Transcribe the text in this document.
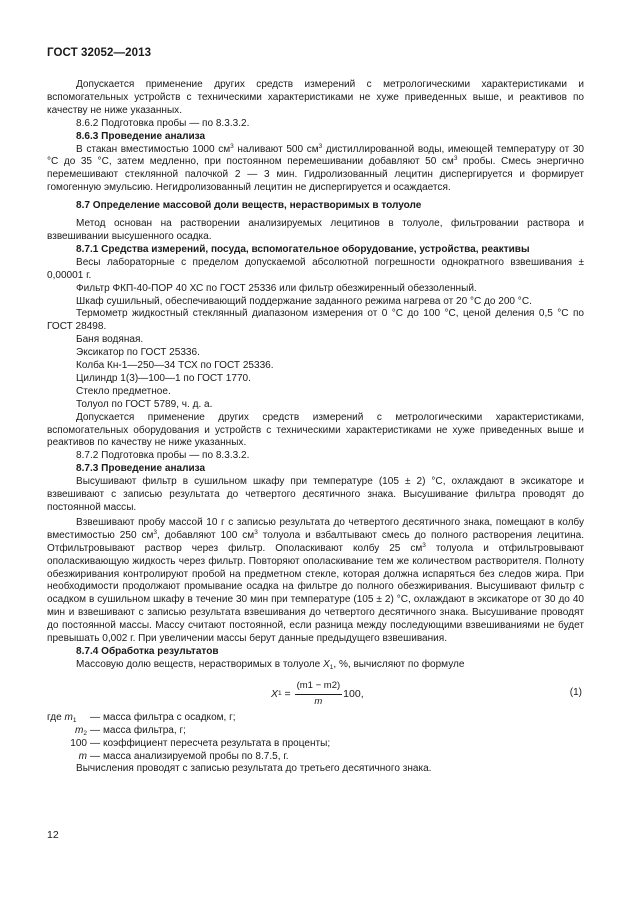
ГОСТ 32052—2013

Допускается применение других средств измерений с метрологическими характеристиками и вспомогательных устройств с техническими характеристиками не хуже приведенных выше, и реактивов по качеству не ниже указанных.

8.6.2 Подготовка пробы — по 8.3.3.2.

8.6.3 Проведение анализа

В стакан вместимостью 1000 $см^3$ наливают 500 $см^3$ дистиллированной воды, имеющей температуру от 30 °С до 35 °С, затем медленно, при постоянном перемешивании добавляют 50 $см^3$ пробы. Смесь энергично перемешивают стеклянной палочкой 2 — 3 мин. Гидролизованный лецитин диспергируется и формирует гомогенную эмульсию. Негидролизованный лецитин не диспергируется и осаждается.

8.7 Определение массовой доли веществ, нерастворимых в толуоле

Метод основан на растворении анализируемых лецитинов в толуоле, фильтровании раствора и взвешивании высушенного осадка.

8.7.1 Средства измерений, посуда, вспомогательное оборудование, устройства, реактивы

Весы лабораторные с пределом допускаемой абсолютной погрешности однократного взвешивания ± 0,00001 г.

Фильтр ФКП-40-ПОР 40 ХС по ГОСТ 25336 или фильтр обезжиренный обеззоленный.

Шкаф сушильный, обеспечивающий поддержание заданного режима нагрева от 20 °С до 200 °С.

Термометр жидкостный стеклянный диапазоном измерения от 0 °С до 100 °С, ценой деления 0,5 °С по ГОСТ 28498.

Баня водяная.

Эксикатор по ГОСТ 25336.

Колба Кн-1—250—34 ТСХ по ГОСТ 25336.

Цилиндр 1(3)—100—1 по ГОСТ 1770.

Стекло предметное.

Толуол по ГОСТ 5789, ч. д. а.

Допускается применение других средств измерений с метрологическими характеристиками, вспомогательных оборудования и устройств с техническими характеристиками не хуже приведенных выше и реактивов по качеству не ниже указанных.

8.7.2 Подготовка пробы — по 8.3.3.2.

8.7.3 Проведение анализа

Высушивают фильтр в сушильном шкафу при температуре (105 ± 2) °С, охлаждают в эксикаторе и взвешивают с записью результата до четвертого десятичного знака. Высушивание фильтра проводят до постоянной массы.

Взвешивают пробу массой 10 г с записью результата до четвертого десятичного знака, помещают в колбу вместимостью 250 $см^3$, добавляют 100 $см^3$ толуола и взбалтывают смесь до полного растворения лецитина. Отфильтровывают раствор через фильтр. Ополаскивают колбу 25 $см^3$ толуола и отфильтровывают ополаскивающую жидкость через фильтр. Повторяют ополаскивание тем же количеством растворителя. Полноту обезжиривания контролируют пробой на предметном стекле, которая должна испаряться без следов жира. При необходимости продолжают промывание осадка на фильтре до полного обезжиривания. Высушивают фильтр с осадком в сушильном шкафу в течение 30 мин при температуре (105 ± 2) °С, охлаждают в эксикаторе от 30 до 40 мин и взвешивают с записью результата взвешивания до четвертого десятичного знака. Высушивание проводят до постоянной массы. Массу считают постоянной, если разница между последующими взвешиваниями не будет превышать 0,002 г. При увеличении массы берут данные предыдущего взвешивания.

8.7.4 Обработка результатов

Массовую долю веществ, нерастворимых в толуоле $X_1$, %, вычисляют по формуле

X $1 = \frac{(m1 - m2)}{m} 100$,	(1)
где $m_1$	— масса фильтра с осадком, г;
$m_2$ — масса фильтра, г;
100 — коэффициент пересчета результата в проценты;
m — масса анализируемой пробы по 8.7.5, г.

Вычисления проводят с записью результата до третьего десятичного знака.

12
